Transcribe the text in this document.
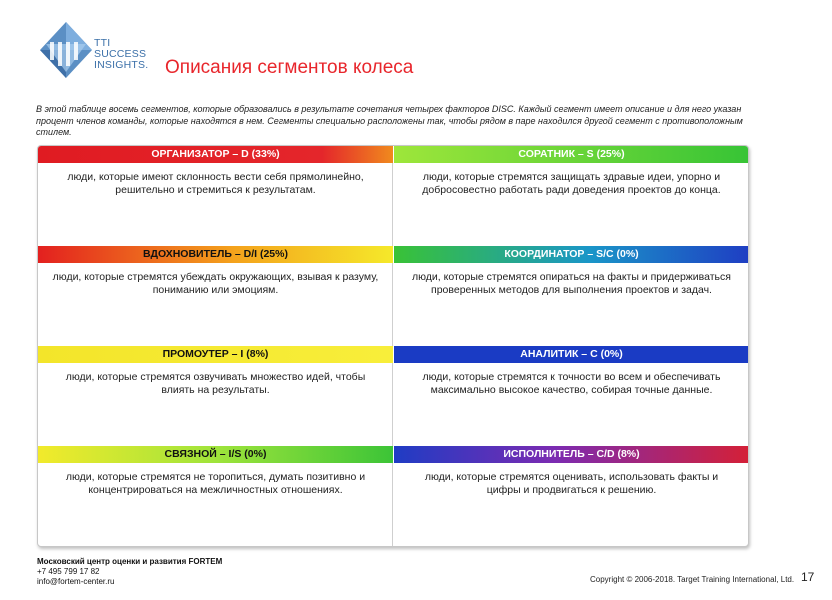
TTI
SUCCESS
INSIGHTS. Описания сегментов колеса
В этой таблице восемь сегментов, которые образовались в результате сочетания четырех факторов DISC. Каждый сегмент имеет описание и для него указан процент членов команды, которые находятся в нем. Сегменты специально расположены так, чтобы рядом в паре находился другой сегмент с противоположным стилем.
ОРГАНИЗАТОР – D (33%)
люди, которые имеют склонность вести себя прямолинейно, решительно и стремиться к результатам.
СОРАТНИК – S (25%)
люди, которые стремятся защищать здравые идеи, упорно и добросовестно работать ради доведения проектов до конца.
ВДОХНОВИТЕЛЬ – D/I (25%)
люди, которые стремятся убеждать окружающих, взывая к разуму, пониманию или эмоциям.
КООРДИНАТОР – S/C (0%)
люди, которые стремятся опираться на факты и придерживаться проверенных методов для выполнения проектов и задач.
ПРОМОУТЕР – I (8%)
люди, которые стремятся озвучивать множество идей, чтобы влиять на результаты.
АНАЛИТИК – C (0%)
люди, которые стремятся к точности во всем и обеспечивать максимально высокое качество, собирая точные данные.
СВЯЗНОЙ – I/S (0%)
люди, которые стремятся не торопиться, думать позитивно и концентрироваться на межличностных отношениях.
ИСПОЛНИТЕЛЬ – C/D (8%)
люди, которые стремятся оценивать, использовать факты и цифры и продвигаться к решению.
Московский центр оценки и развития FORTEM
+7 495 799 17 82
info@fortem-center.ru	Copyright © 2006-2018. Target Training International, Ltd. 17
